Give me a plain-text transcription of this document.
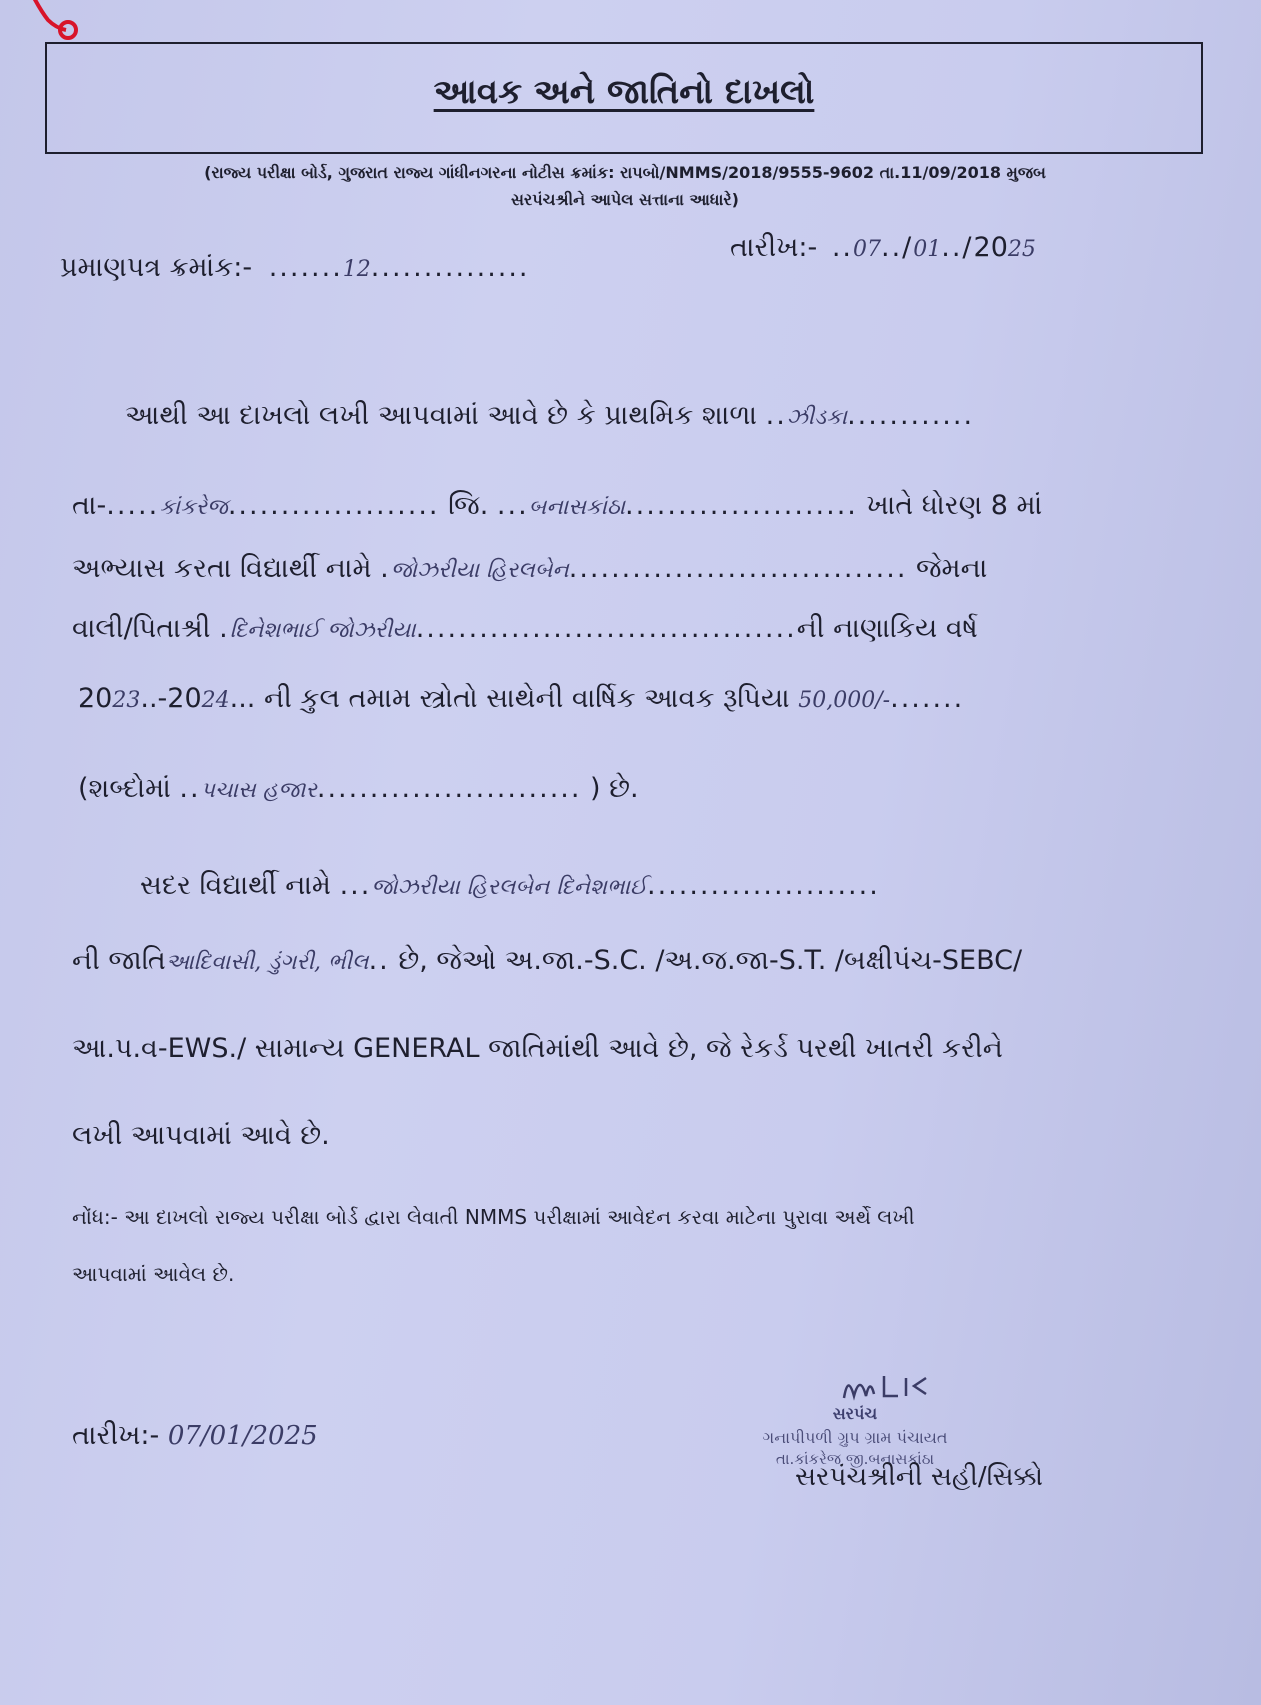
આવક અને જાતિનો દાખલો
(રાજ્ય પરીક્ષા બોર્ડ, ગુજરાત રાજ્ય ગાંધીનગરના નોટીસ ક્રમાંક: રાપબો/NMMS/2018/9555-9602 તા.11/09/2018 મુજબ
સરપંચશ્રીને આપેલ સત્તાના આધારે)
પ્રમાણપત્ર ક્રમાંક:- .......12...............
તારીખ:- ..07../01../2025
આથી આ દાખલો લખી આપવામાં આવે છે કે પ્રાથમિક શાળા ..ઝીડકા............
તા-.....કાંકરેજ.................... જિ. ...બનાસકાંઠા...................... ખાતે ધોરણ 8 માં
અભ્યાસ કરતા વિદ્યાર્થી નામે .જોઝરીયા હિરલબેન................................ જેમના
વાલી/પિતાશ્રી .દિનેશભાઈ જોઝરીયા....................................ની નાણાકિય વર્ષ
2023..-2024... ની કુલ તમામ સ્ત્રોતો સાથેની વાર્ષિક આવક રૂપિયા 50,000/-.......
(શબ્દોમાં ..પચાસ હજાર......................... ) છે.
સદર વિદ્યાર્થી નામે ...જોઝરીયા હિરલબેન દિનેશભાઈ......................
ની જાતિઆદિવાસી, ડુંગરી, ભીલ.. છે, જેઓ અ.જા.-S.C. /અ.જ.જા-S.T. /બક્ષીપંચ-SEBC/
આ.પ.વ-EWS./ સામાન્ય GENERAL જાતિમાંથી આવે છે, જે રેકર્ડ પરથી ખાતરી કરીને
લખી આપવામાં આવે છે.
નોંધ:- આ દાખલો રાજ્ય પરીક્ષા બોર્ડ દ્વારા લેવાતી NMMS પરીક્ષામાં આવેદન કરવા માટેના પુરાવા અર્થે લખી
આપવામાં આવેલ છે.
તારીખ:- 07/01/2025
સરપંચ
ગનાપીપળી ગ્રુપ ગ્રામ પંચાયત
તા.કાંકરેજ જી.બનાસકાંઠા
સરપંચશ્રીની સહી/સિક્કો
